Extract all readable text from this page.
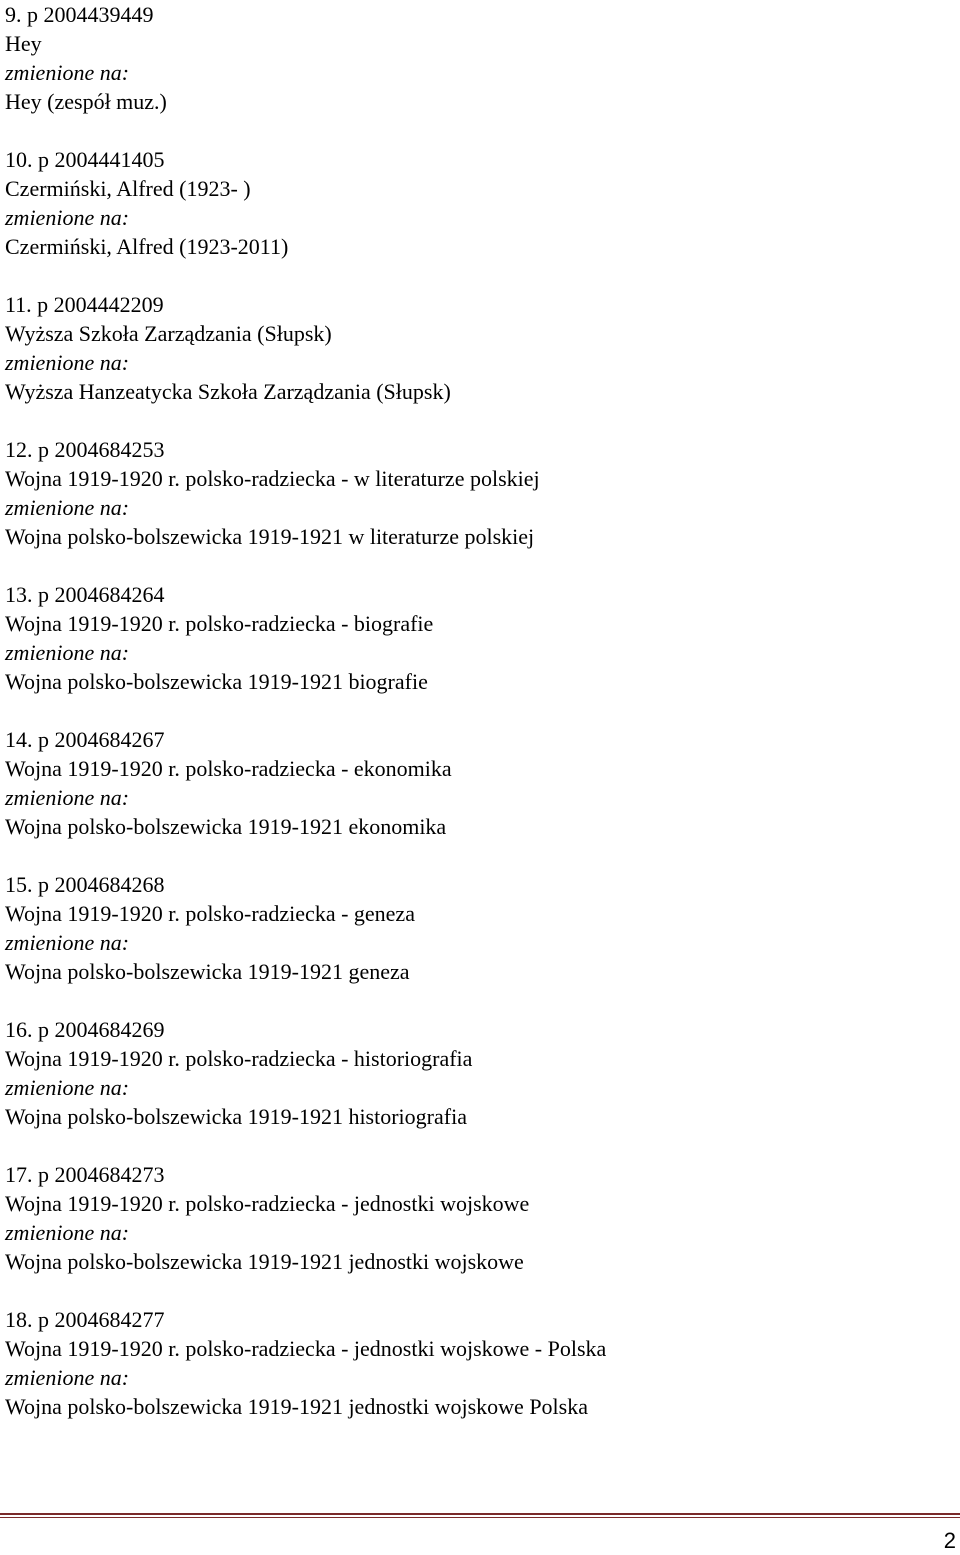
9. p 2004439449
Hey
zmienione na:
Hey (zespół muz.)
10. p 2004441405
Czermiński, Alfred (1923- )
zmienione na:
Czermiński, Alfred (1923-2011)
11. p 2004442209
Wyższa Szkoła Zarządzania (Słupsk)
zmienione na:
Wyższa Hanzeatycka Szkoła Zarządzania (Słupsk)
12. p 2004684253
Wojna 1919-1920 r. polsko-radziecka - w literaturze polskiej
zmienione na:
Wojna polsko-bolszewicka 1919-1921 w literaturze polskiej
13. p 2004684264
Wojna 1919-1920 r. polsko-radziecka - biografie
zmienione na:
Wojna polsko-bolszewicka 1919-1921 biografie
14. p 2004684267
Wojna 1919-1920 r. polsko-radziecka - ekonomika
zmienione na:
Wojna polsko-bolszewicka 1919-1921 ekonomika
15. p 2004684268
Wojna 1919-1920 r. polsko-radziecka - geneza
zmienione na:
Wojna polsko-bolszewicka 1919-1921 geneza
16. p 2004684269
Wojna 1919-1920 r. polsko-radziecka - historiografia
zmienione na:
Wojna polsko-bolszewicka 1919-1921 historiografia
17. p 2004684273
Wojna 1919-1920 r. polsko-radziecka - jednostki wojskowe
zmienione na:
Wojna polsko-bolszewicka 1919-1921 jednostki wojskowe
18. p 2004684277
Wojna 1919-1920 r. polsko-radziecka - jednostki wojskowe - Polska
zmienione na:
Wojna polsko-bolszewicka 1919-1921 jednostki wojskowe Polska
2
